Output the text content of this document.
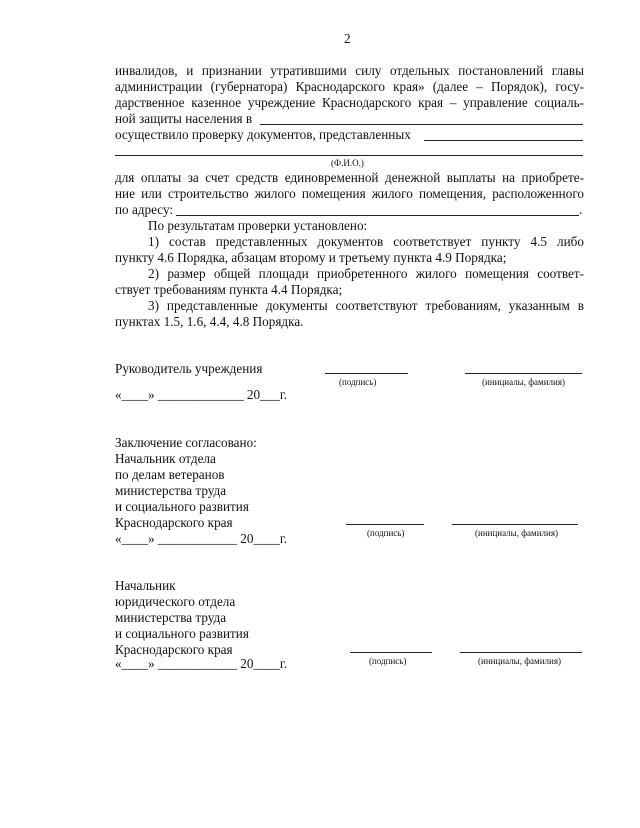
2
инвалидов, и признании утратившими силу отдельных постановлений главы
администрации (губернатора) Краснодарского края» (далее – Порядок), госу-
дарственное казенное учреждение Краснодарского края – управление социаль-
ной защиты населения в
осуществило проверку документов, представленных
(Ф.И.О.)
для оплаты за счет средств единовременной денежной выплаты на приобрете-
ние или строительство жилого помещения жилого помещения, расположенного
по адресу:	.
По результатам проверки установлено:
1) состав представленных документов соответствует пункту 4.5 либо
пункту 4.6 Порядка, абзацам второму и третьему пункта 4.9 Порядка;
2) размер общей площади приобретенного жилого помещения соответ-
ствует требованиям пункта 4.4 Порядка;
3) представленные документы соответствуют требованиям, указанным в
пунктах 1.5, 1.6, 4.4, 4.8 Порядка.
Руководитель учреждения
(подпись)	(инициалы, фамилия)
«____» _____________ 20___г.
Заключение согласовано:
Начальник отдела
по делам ветеранов
министерства труда
и социального развития
Краснодарского края
(подпись)	(инициалы, фамилия)
«____» ____________ 20____г.
Начальник
юридического отдела
министерства труда
и социального развития
Краснодарского края
(подпись)	(инициалы, фамилия)
«____» ____________ 20____г.
